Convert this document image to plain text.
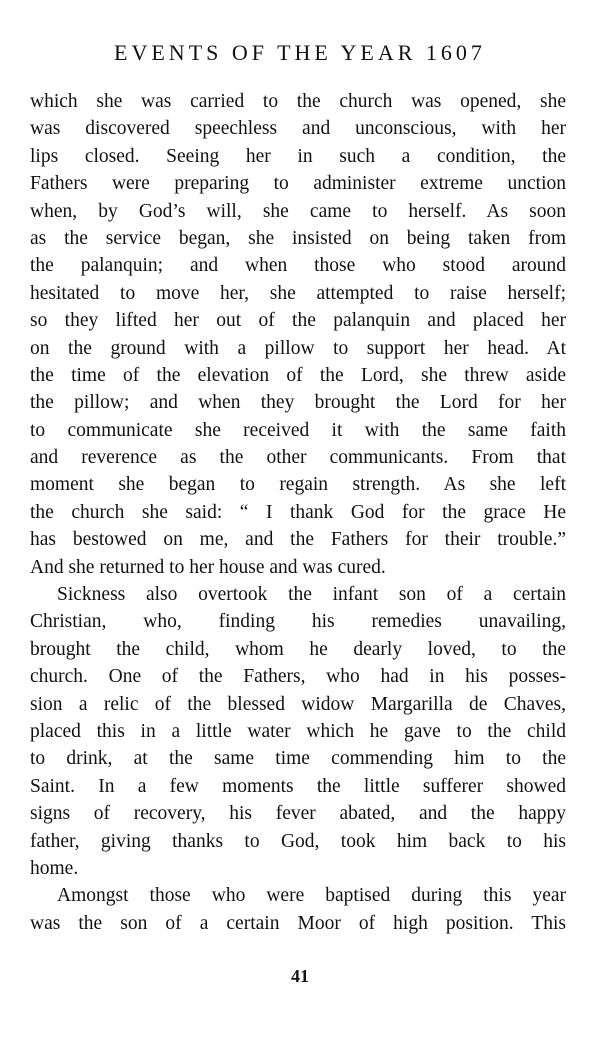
EVENTS OF THE YEAR 1607
which she was carried to the church was opened, she
was discovered speechless and unconscious, with her
lips closed. Seeing her in such a condition, the
Fathers were preparing to administer extreme unction
when, by God’s will, she came to herself. As soon
as the service began, she insisted on being taken from
the palanquin; and when those who stood around
hesitated to move her, she attempted to raise herself;
so they lifted her out of the palanquin and placed her
on the ground with a pillow to support her head. At
the time of the elevation of the Lord, she threw aside
the pillow; and when they brought the Lord for her
to communicate she received it with the same faith
and reverence as the other communicants. From that
moment she began to regain strength. As she left
the church she said: “ I thank God for the grace He
has bestowed on me, and the Fathers for their trouble.”
And she returned to her house and was cured.
Sickness also overtook the infant son of a certain
Christian, who, finding his remedies unavailing,
brought the child, whom he dearly loved, to the
church. One of the Fathers, who had in his posses-
sion a relic of the blessed widow Margarilla de Chaves,
placed this in a little water which he gave to the child
to drink, at the same time commending him to the
Saint. In a few moments the little sufferer showed
signs of recovery, his fever abated, and the happy
father, giving thanks to God, took him back to his
home.
Amongst those who were baptised during this year
was the son of a certain Moor of high position. This
41
